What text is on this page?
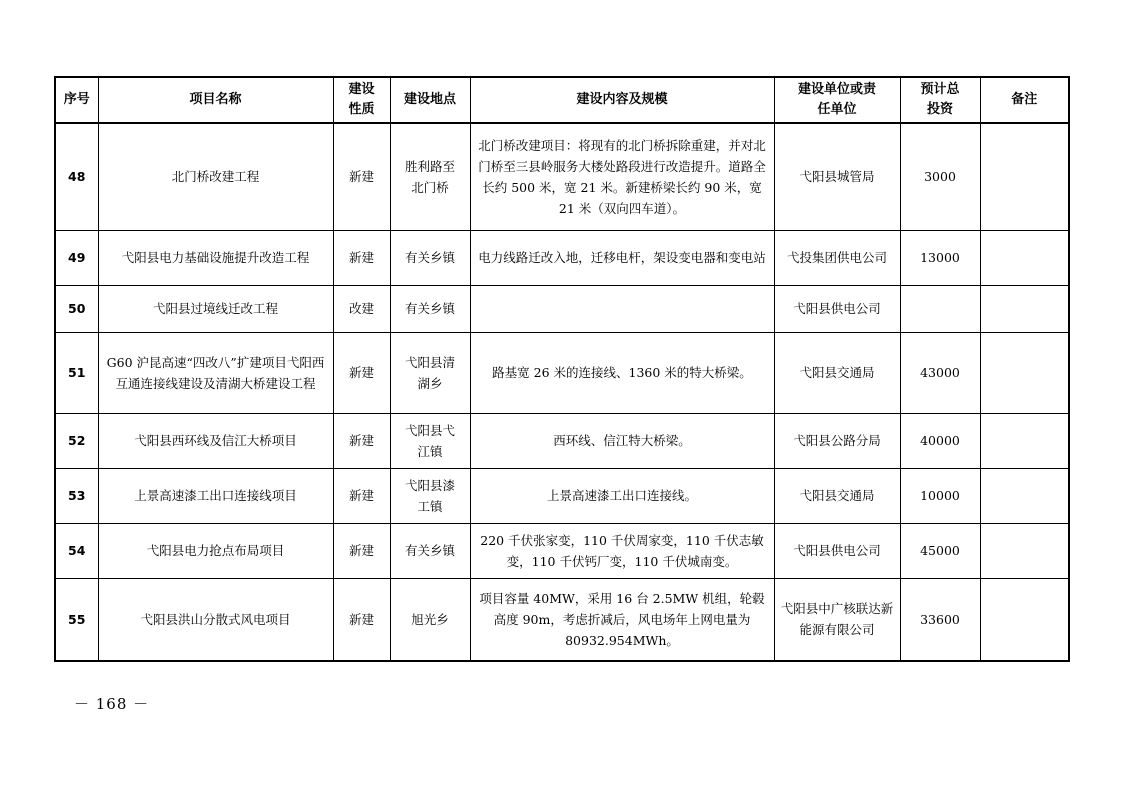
序号	项目名称	建设性质	建设地点	建设内容及规模	建设单位或责任单位	预计总投资	备注
48	北门桥改建工程	新建	胜利路至北门桥	北门桥改建项目：将现有的北门桥拆除重建，并对北门桥至三县岭服务大楼处路段进行改造提升。道路全长约 500 米，宽 21 米。新建桥梁长约 90 米，宽 21 米（双向四车道）。	弋阳县城管局	3000	
49	弋阳县电力基础设施提升改造工程	新建	有关乡镇	电力线路迁改入地，迁移电杆，架设变电器和变电站	弋投集团供电公司	13000	
50	弋阳县过境线迁改工程	改建	有关乡镇		弋阳县供电公司		
51	G60 沪昆高速“四改八”扩建项目弋阳西互通连接线建设及清湖大桥建设工程	新建	弋阳县清湖乡	路基宽 26 米的连接线、1360 米的特大桥梁。	弋阳县交通局	43000	
52	弋阳县西环线及信江大桥项目	新建	弋阳县弋江镇	西环线、信江特大桥梁。	弋阳县公路分局	40000	
53	上景高速漆工出口连接线项目	新建	弋阳县漆工镇	上景高速漆工出口连接线。	弋阳县交通局	10000	
54	弋阳县电力抢点布局项目	新建	有关乡镇	220 千伏张家变，110 千伏周家变，110 千伏志敏变，110 千伏钙厂变，110 千伏城南变。	弋阳县供电公司	45000	
55	弋阳县洪山分散式风电项目	新建	旭光乡	项目容量 40MW，采用 16 台 2.5MW 机组，轮毂高度 90m，考虑折减后，风电场年上网电量为 80932.954MWh。	弋阳县中广核联达新能源有限公司	33600	
－ 168 －
